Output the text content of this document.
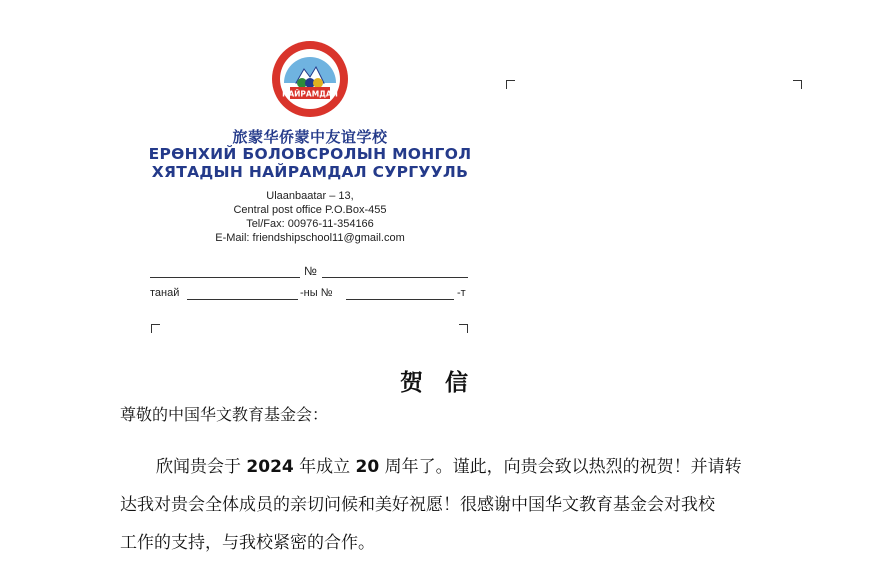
НАЙРАМДАЛ
旅蒙华侨蒙中友谊学校
ЕРӨНХИЙ БОЛОВСРОЛЫН МОНГОЛ
ХЯТАДЫН НАЙРАМДАЛ СУРГУУЛЬ
Ulaanbaatar – 13,
Central post office P.O.Box-455
Tel/Fax: 00976-11-354166
E-Mail: friendshipschool11@gmail.com
№
танай	-ны №	-т
贺信
尊敬的中国华文教育基金会：

欣闻贵会于 2024 年成立 20 周年了。谨此，向贵会致以热烈的祝贺！并请转

达我对贵会全体成员的亲切问候和美好祝愿！很感谢中国华文教育基金会对我校

工作的支持，与我校紧密的合作。
